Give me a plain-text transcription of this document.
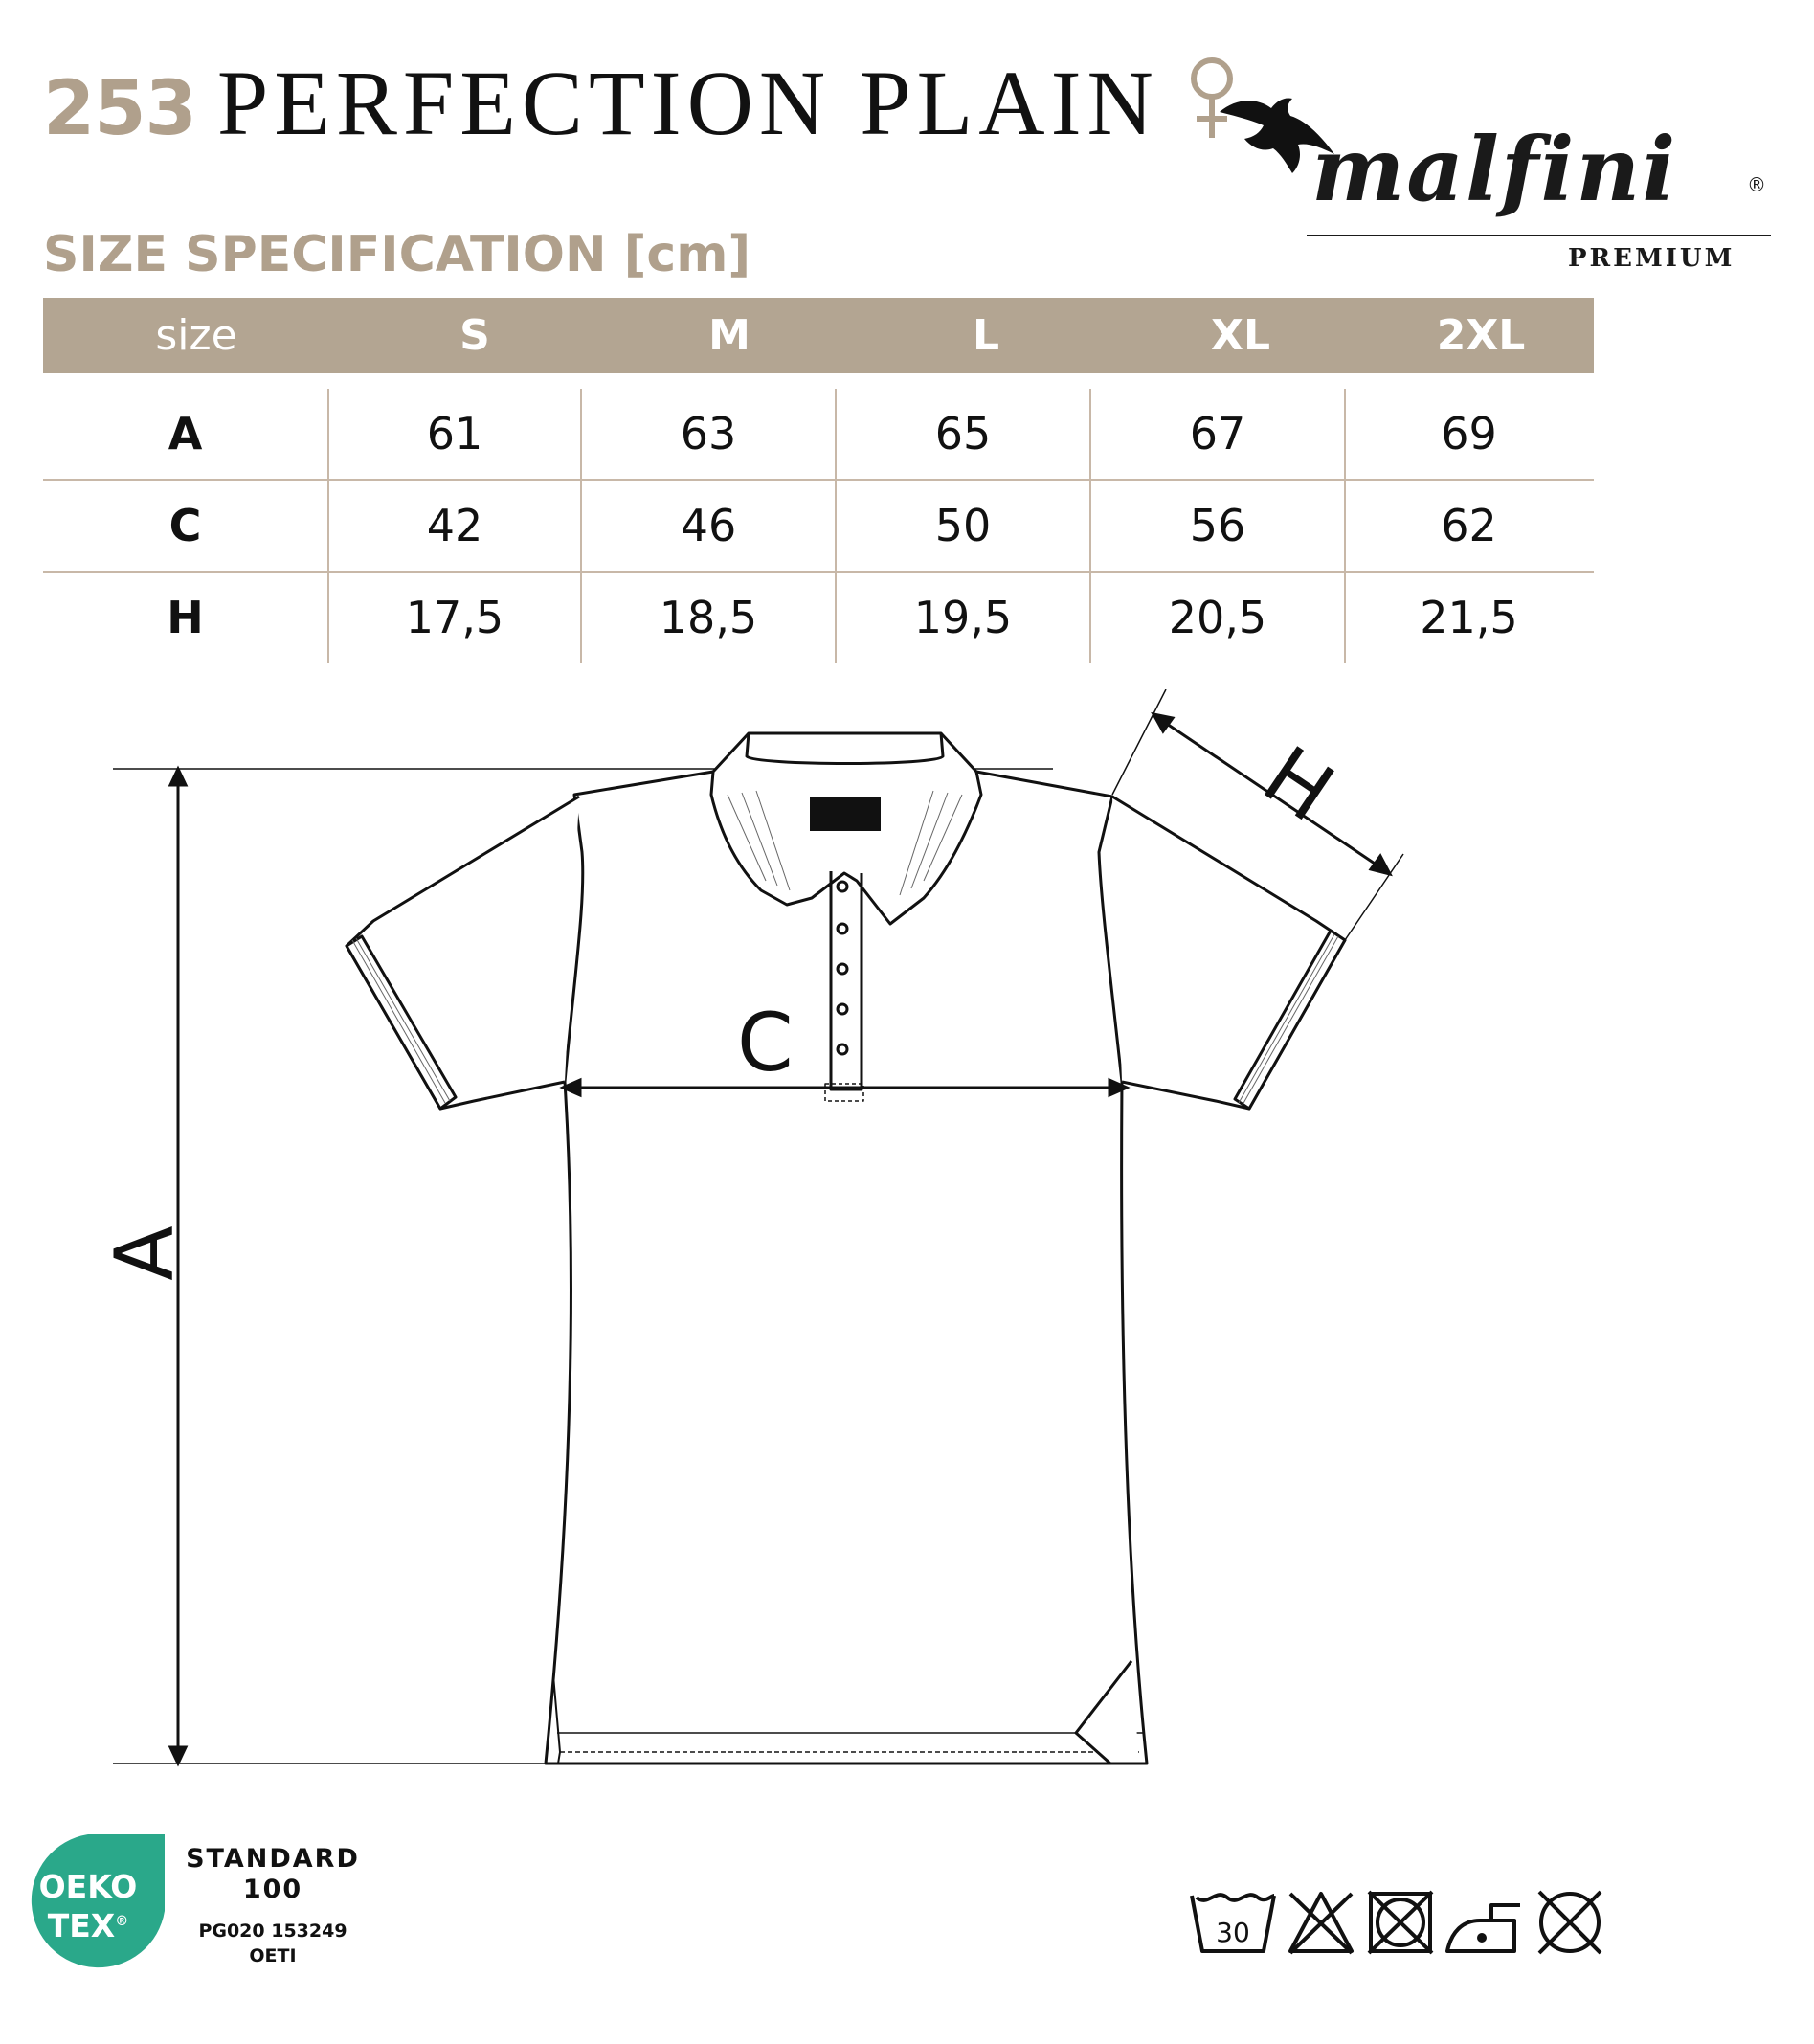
253 PERFECTION PLAIN
SIZE SPECIFICATION [cm]
malfini	®
PREMIUM
size	S	M	L	XL	2XL
A	61	63	65	67	69
C	42	46	50	56	62
H	17,5	18,5	19,5	20,5	21,5
A
C
H
OEKO
TEX®
STANDARD
100
PG020 153249
OETI
30
